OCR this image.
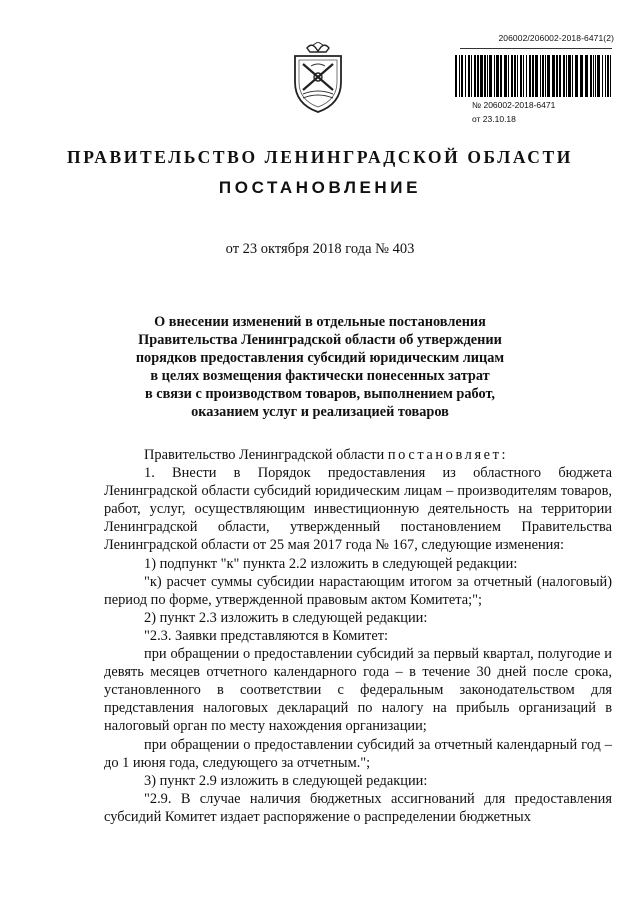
206002/206002-2018-6471(2)
№ 206002-2018-6471
от 23.10.18
ПРАВИТЕЛЬСТВО ЛЕНИНГРАДСКОЙ ОБЛАСТИ
ПОСТАНОВЛЕНИЕ
от 23 октября 2018 года № 403
О внесении изменений в отдельные постановления
Правительства Ленинградской области об утверждении
порядков предоставления субсидий юридическим лицам
в целях возмещения фактически понесенных затрат
в связи с производством товаров, выполнением работ,
оказанием услуг и реализацией товаров

Правительство Ленинградской области постановляет:

1. Внести в Порядок предоставления из областного бюджета Ленинградской области субсидий юридическим лицам – производителям товаров, работ, услуг, осуществляющим инвестиционную деятельность на территории Ленинградской области, утвержденный постановлением Правительства Ленинградской области от 25 мая 2017 года № 167, следующие изменения:

1) подпункт "к" пункта 2.2 изложить в следующей редакции:

"к) расчет суммы субсидии нарастающим итогом за отчетный (налоговый) период по форме, утвержденной правовым актом Комитета;";

2) пункт 2.3 изложить в следующей редакции:

"2.3. Заявки представляются в Комитет:

при обращении о предоставлении субсидий за первый квартал, полугодие и девять месяцев отчетного календарного года – в течение 30 дней после срока, установленного в соответствии с федеральным законодательством для представления налоговых деклараций по налогу на прибыль организаций в налоговый орган по месту нахождения организации;

при обращении о предоставлении субсидий за отчетный календарный год – до 1 июня года, следующего за отчетным.";

3) пункт 2.9 изложить в следующей редакции:

"2.9. В случае наличия бюджетных ассигнований для предоставления субсидий Комитет издает распоряжение о распределении бюджетных
